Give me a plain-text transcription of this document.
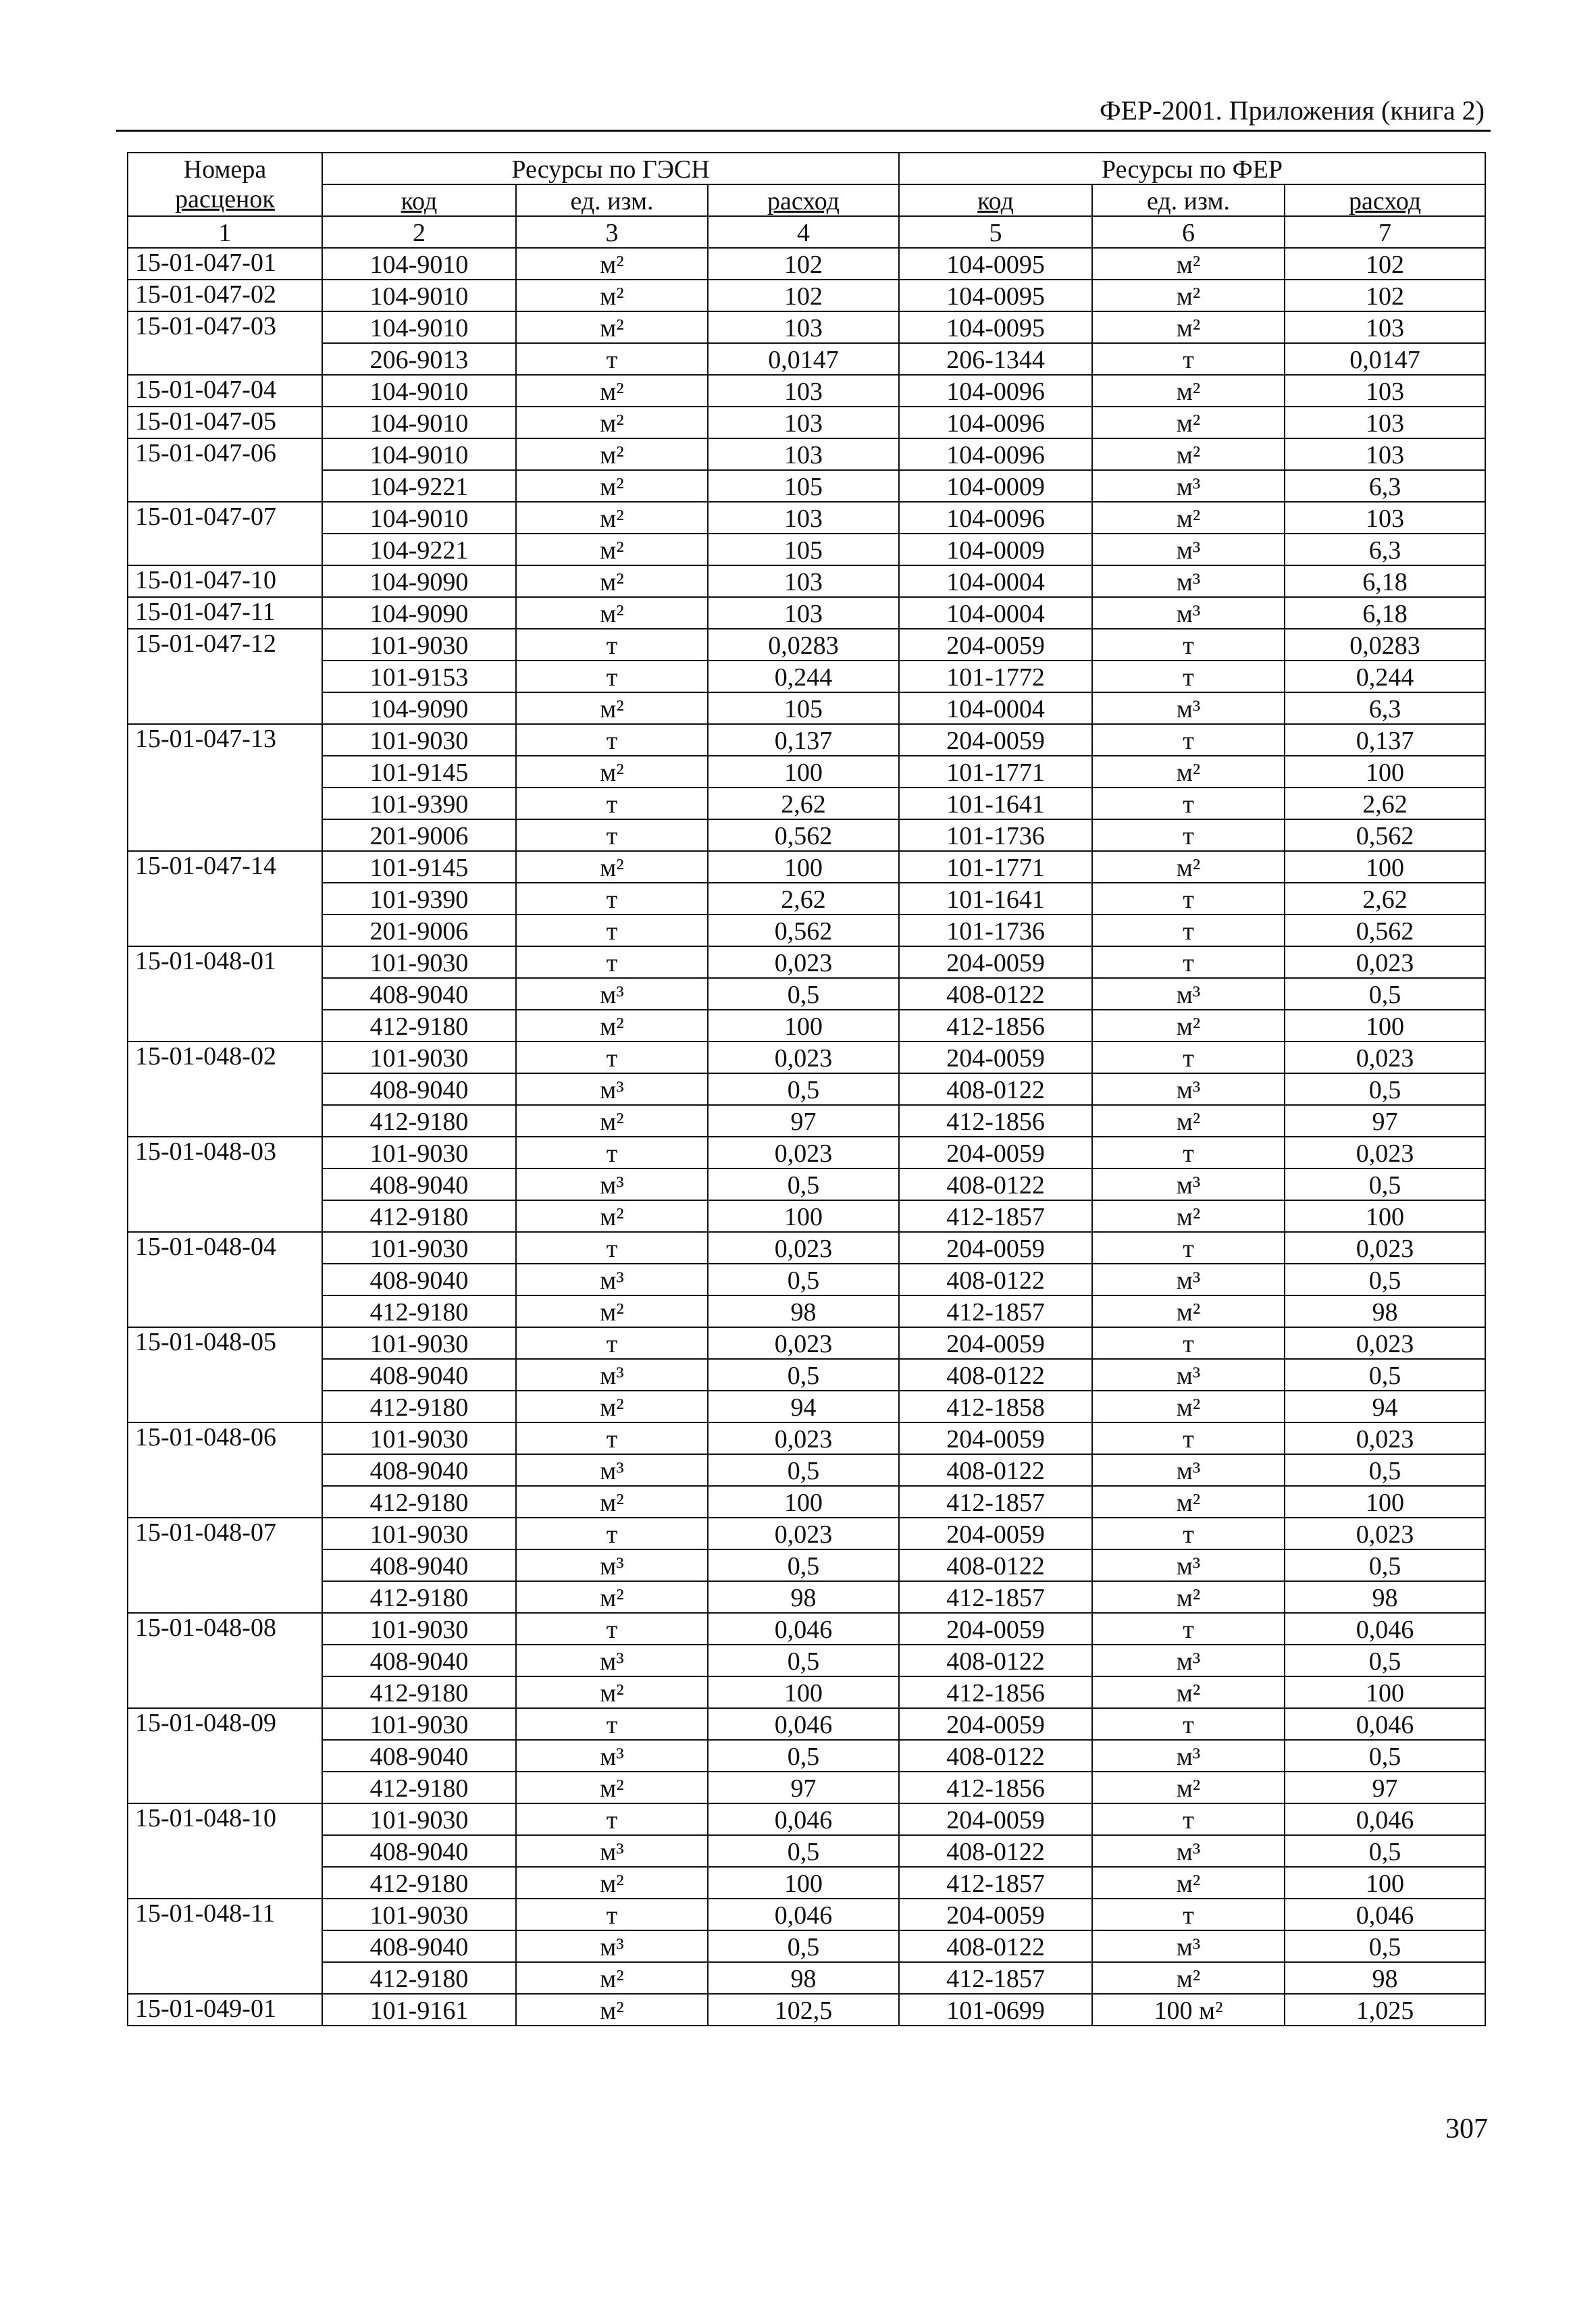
ФЕР-2001. Приложения (книга 2)
Номера
расценок	Ресурсы по ГЭСН			Ресурсы по ФЕР		
	код	ед. изм.	расход	код	ед. изм.	расход
1	2	3	4	5	6	7
15-01-047-01	104-9010	м²	102	104-0095	м²	102
15-01-047-02	104-9010	м²	102	104-0095	м²	102
15-01-047-03	104-9010	м²	103	104-0095	м²	103
	206-9013	т	0,0147	206-1344	т	0,0147
15-01-047-04	104-9010	м²	103	104-0096	м²	103
15-01-047-05	104-9010	м²	103	104-0096	м²	103
15-01-047-06	104-9010	м²	103	104-0096	м²	103
	104-9221	м²	105	104-0009	м³	6,3
15-01-047-07	104-9010	м²	103	104-0096	м²	103
	104-9221	м²	105	104-0009	м³	6,3
15-01-047-10	104-9090	м²	103	104-0004	м³	6,18
15-01-047-11	104-9090	м²	103	104-0004	м³	6,18
15-01-047-12	101-9030	т	0,0283	204-0059	т	0,0283
	101-9153	т	0,244	101-1772	т	0,244
	104-9090	м²	105	104-0004	м³	6,3
15-01-047-13	101-9030	т	0,137	204-0059	т	0,137
	101-9145	м²	100	101-1771	м²	100
	101-9390	т	2,62	101-1641	т	2,62
	201-9006	т	0,562	101-1736	т	0,562
15-01-047-14	101-9145	м²	100	101-1771	м²	100
	101-9390	т	2,62	101-1641	т	2,62
	201-9006	т	0,562	101-1736	т	0,562
15-01-048-01	101-9030	т	0,023	204-0059	т	0,023
	408-9040	м³	0,5	408-0122	м³	0,5
	412-9180	м²	100	412-1856	м²	100
15-01-048-02	101-9030	т	0,023	204-0059	т	0,023
	408-9040	м³	0,5	408-0122	м³	0,5
	412-9180	м²	97	412-1856	м²	97
15-01-048-03	101-9030	т	0,023	204-0059	т	0,023
	408-9040	м³	0,5	408-0122	м³	0,5
	412-9180	м²	100	412-1857	м²	100
15-01-048-04	101-9030	т	0,023	204-0059	т	0,023
	408-9040	м³	0,5	408-0122	м³	0,5
	412-9180	м²	98	412-1857	м²	98
15-01-048-05	101-9030	т	0,023	204-0059	т	0,023
	408-9040	м³	0,5	408-0122	м³	0,5
	412-9180	м²	94	412-1858	м²	94
15-01-048-06	101-9030	т	0,023	204-0059	т	0,023
	408-9040	м³	0,5	408-0122	м³	0,5
	412-9180	м²	100	412-1857	м²	100
15-01-048-07	101-9030	т	0,023	204-0059	т	0,023
	408-9040	м³	0,5	408-0122	м³	0,5
	412-9180	м²	98	412-1857	м²	98
15-01-048-08	101-9030	т	0,046	204-0059	т	0,046
	408-9040	м³	0,5	408-0122	м³	0,5
	412-9180	м²	100	412-1856	м²	100
15-01-048-09	101-9030	т	0,046	204-0059	т	0,046
	408-9040	м³	0,5	408-0122	м³	0,5
	412-9180	м²	97	412-1856	м²	97
15-01-048-10	101-9030	т	0,046	204-0059	т	0,046
	408-9040	м³	0,5	408-0122	м³	0,5
	412-9180	м²	100	412-1857	м²	100
15-01-048-11	101-9030	т	0,046	204-0059	т	0,046
	408-9040	м³	0,5	408-0122	м³	0,5
	412-9180	м²	98	412-1857	м²	98
15-01-049-01	101-9161	м²	102,5	101-0699	100 м²	1,025
307
